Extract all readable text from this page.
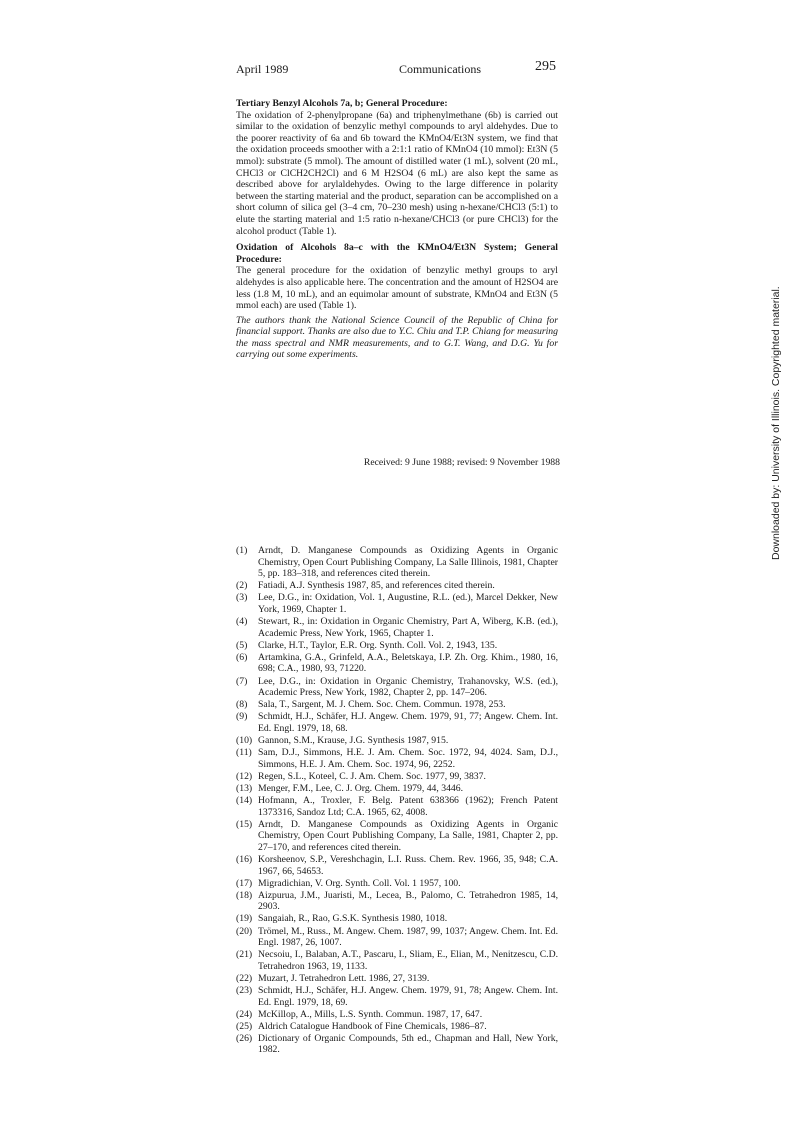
April 1989	Communications	295

Tertiary Benzyl Alcohols 7a, b; General Procedure:
The oxidation of 2-phenylpropane (6a) and triphenylmethane (6b) is carried out similar to the oxidation of benzylic methyl compounds to aryl aldehydes. Due to the poorer reactivity of 6a and 6b toward the KMnO4/Et3N system, we find that the oxidation proceeds smoother with a 2:1:1 ratio of KMnO4 (10 mmol): Et3N (5 mmol): substrate (5 mmol). The amount of distilled water (1 mL), solvent (20 mL, CHCl3 or ClCH2CH2Cl) and 6 M H2SO4 (6 mL) are also kept the same as described above for arylaldehydes. Owing to the large difference in polarity between the starting material and the product, separation can be accomplished on a short column of silica gel (3–4 cm, 70–230 mesh) using n-hexane/CHCl3 (5:1) to elute the starting material and 1:5 ratio n-hexane/CHCl3 (or pure CHCl3) for the alcohol product (Table 1).

Oxidation of Alcohols 8a–c with the KMnO4/Et3N System; General Procedure:
The general procedure for the oxidation of benzylic methyl groups to aryl aldehydes is also applicable here. The concentration and the amount of H2SO4 are less (1.8 M, 10 mL), and an equimolar amount of substrate, KMnO4 and Et3N (5 mmol each) are used (Table 1).

The authors thank the National Science Council of the Republic of China for financial support. Thanks are also due to Y.C. Chiu and T.P. Chiang for measuring the mass spectral and NMR measurements, and to G.T. Wang, and D.G. Yu for carrying out some experiments.

Received: 9 June 1988; revised: 9 November 1988
(1)	Arndt, D. Manganese Compounds as Oxidizing Agents in Organic Chemistry, Open Court Publishing Company, La Salle Illinois, 1981, Chapter 5, pp. 183–318, and references cited therein.
(2)	Fatiadi, A.J. Synthesis 1987, 85, and references cited therein.
(3)	Lee, D.G., in: Oxidation, Vol. 1, Augustine, R.L. (ed.), Marcel Dekker, New York, 1969, Chapter 1.
(4)	Stewart, R., in: Oxidation in Organic Chemistry, Part A, Wiberg, K.B. (ed.), Academic Press, New York, 1965, Chapter 1.
(5)	Clarke, H.T., Taylor, E.R. Org. Synth. Coll. Vol. 2, 1943, 135.
(6)	Artamkina, G.A., Grinfeld, A.A., Beletskaya, I.P. Zh. Org. Khim., 1980, 16, 698; C.A., 1980, 93, 71220.
(7)	Lee, D.G., in: Oxidation in Organic Chemistry, Trahanovsky, W.S. (ed.), Academic Press, New York, 1982, Chapter 2, pp. 147–206.
(8)	Sala, T., Sargent, M. J. Chem. Soc. Chem. Commun. 1978, 253.
(9)	Schmidt, H.J., Schäfer, H.J. Angew. Chem. 1979, 91, 77; Angew. Chem. Int. Ed. Engl. 1979, 18, 68.
(10) Gannon, S.M., Krause, J.G. Synthesis 1987, 915.
(11) Sam, D.J., Simmons, H.E. J. Am. Chem. Soc. 1972, 94, 4024. Sam, D.J., Simmons, H.E. J. Am. Chem. Soc. 1974, 96, 2252.
(12) Regen, S.L., Koteel, C. J. Am. Chem. Soc. 1977, 99, 3837.
(13) Menger, F.M., Lee, C. J. Org. Chem. 1979, 44, 3446.
(14) Hofmann, A., Troxler, F. Belg. Patent 638366 (1962); French Patent 1373316, Sandoz Ltd; C.A. 1965, 62, 4008.
(15) Arndt, D. Manganese Compounds as Oxidizing Agents in Organic Chemistry, Open Court Publishing Company, La Salle, 1981, Chapter 2, pp. 27–170, and references cited therein.
(16) Korsheenov, S.P., Vereshchagin, L.I. Russ. Chem. Rev. 1966, 35, 948; C.A. 1967, 66, 54653.
(17) Migradichian, V. Org. Synth. Coll. Vol. 1 1957, 100.
(18) Aizpurua, J.M., Juaristi, M., Lecea, B., Palomo, C. Tetrahedron 1985, 14, 2903.
(19) Sangaiah, R., Rao, G.S.K. Synthesis 1980, 1018.
(20) Trömel, M., Russ., M. Angew. Chem. 1987, 99, 1037; Angew. Chem. Int. Ed. Engl. 1987, 26, 1007.
(21) Necsoiu, I., Balaban, A.T., Pascaru, I., Sliam, E., Elian, M., Nenitzescu, C.D. Tetrahedron 1963, 19, 1133.
(22) Muzart, J. Tetrahedron Lett. 1986, 27, 3139.
(23) Schmidt, H.J., Schäfer, H.J. Angew. Chem. 1979, 91, 78; Angew. Chem. Int. Ed. Engl. 1979, 18, 69.
(24) McKillop, A., Mills, L.S. Synth. Commun. 1987, 17, 647.
(25) Aldrich Catalogue Handbook of Fine Chemicals, 1986–87.
(26) Dictionary of Organic Compounds, 5th ed., Chapman and Hall, New York, 1982.
Downloaded by: University of Illinois. Copyrighted material.
